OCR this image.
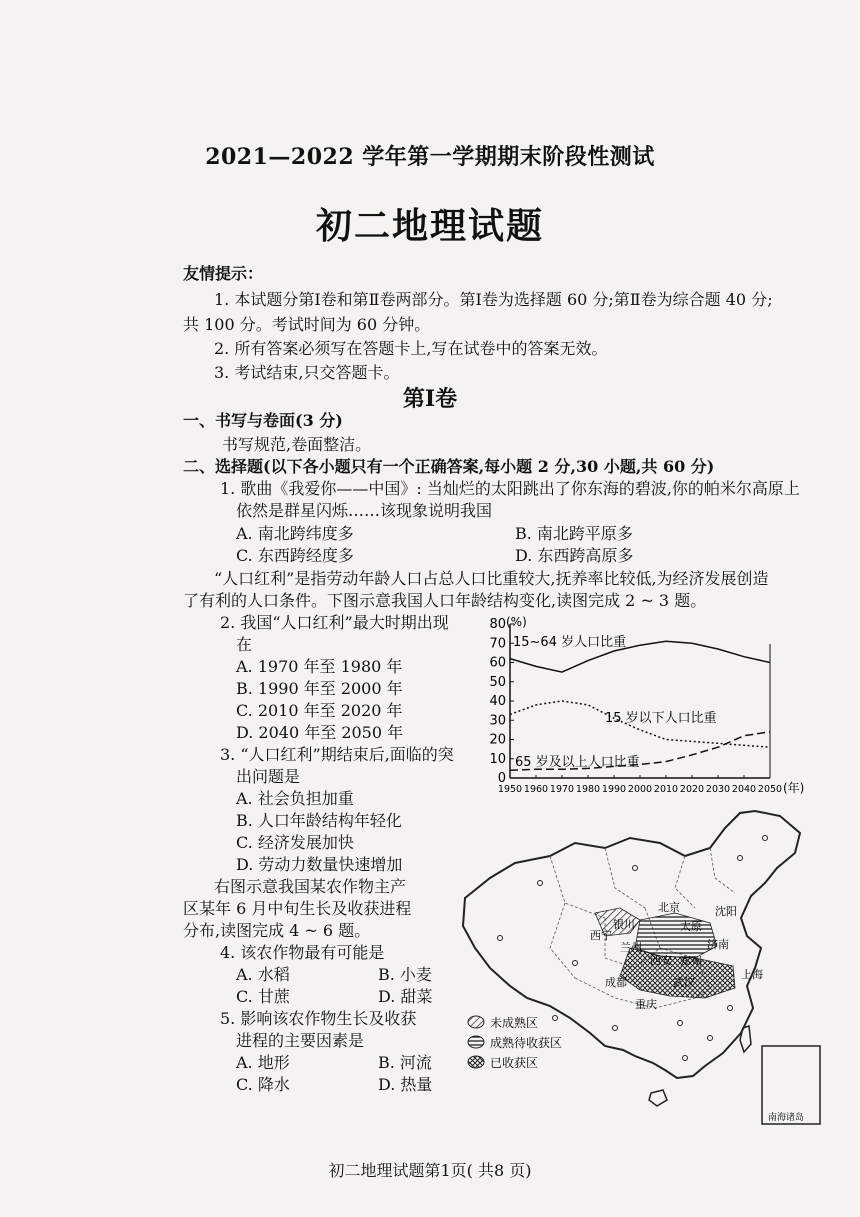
2021—2022 学年第一学期期末阶段性测试
初二地理试题
友情提示：
1. 本试题分第Ⅰ卷和第Ⅱ卷两部分。第Ⅰ卷为选择题 60 分;第Ⅱ卷为综合题 40 分;
共 100 分。考试时间为 60 分钟。
2. 所有答案必须写在答题卡上,写在试卷中的答案无效。
3. 考试结束,只交答题卡。
第Ⅰ卷
一、书写与卷面(3 分)
书写规范,卷面整洁。
二、选择题(以下各小题只有一个正确答案,每小题 2 分,30 小题,共 60 分)
1. 歌曲《我爱你——中国》: 当灿烂的太阳跳出了你东海的碧波,你的帕米尔高原上
依然是群星闪烁……该现象说明我国
A. 南北跨纬度多	B. 南北跨平原多
C. 东西跨经度多	D. 东西跨高原多
“人口红利”是指劳动年龄人口占总人口比重较大,抚养率比较低,为经济发展创造
了有利的人口条件。下图示意我国人口年龄结构变化,读图完成 2 ~ 3 题。
2. 我国“人口红利”最大时期出现
在
A. 1970 年至 1980 年
B. 1990 年至 2000 年
C. 2010 年至 2020 年
D. 2040 年至 2050 年
3. “人口红利”期结束后,面临的突
出问题是
A. 社会负担加重
B. 人口年龄结构年轻化
C. 经济发展加快
D. 劳动力数量快速增加
右图示意我国某农作物主产
区某年 6 月中旬生长及收获进程
分布,读图完成 4 ~ 6 题。
4. 该农作物最有可能是
A. 水稻	B. 小麦
C. 甘蔗	D. 甜菜
5. 影响该农作物生长及收获
进程的主要因素是
A. 地形	B. 河流
C. 降水	D. 热量
(%)
(年)
0
10
20
30
40
50
60
70
80
1950 1960 1970 1980 1990 2000 2010 2020 2030 2040 2050
15~64 岁人口比重
15 岁以下人口比重
65 岁及以上人口比重
北京	沈阳
太原
济南
银川
西宁
兰州
西安 郑州
武汉
成都
重庆
上海
南海诸岛
未成熟区
成熟待收获区
已收获区
初二地理试题第1页( 共8 页)
